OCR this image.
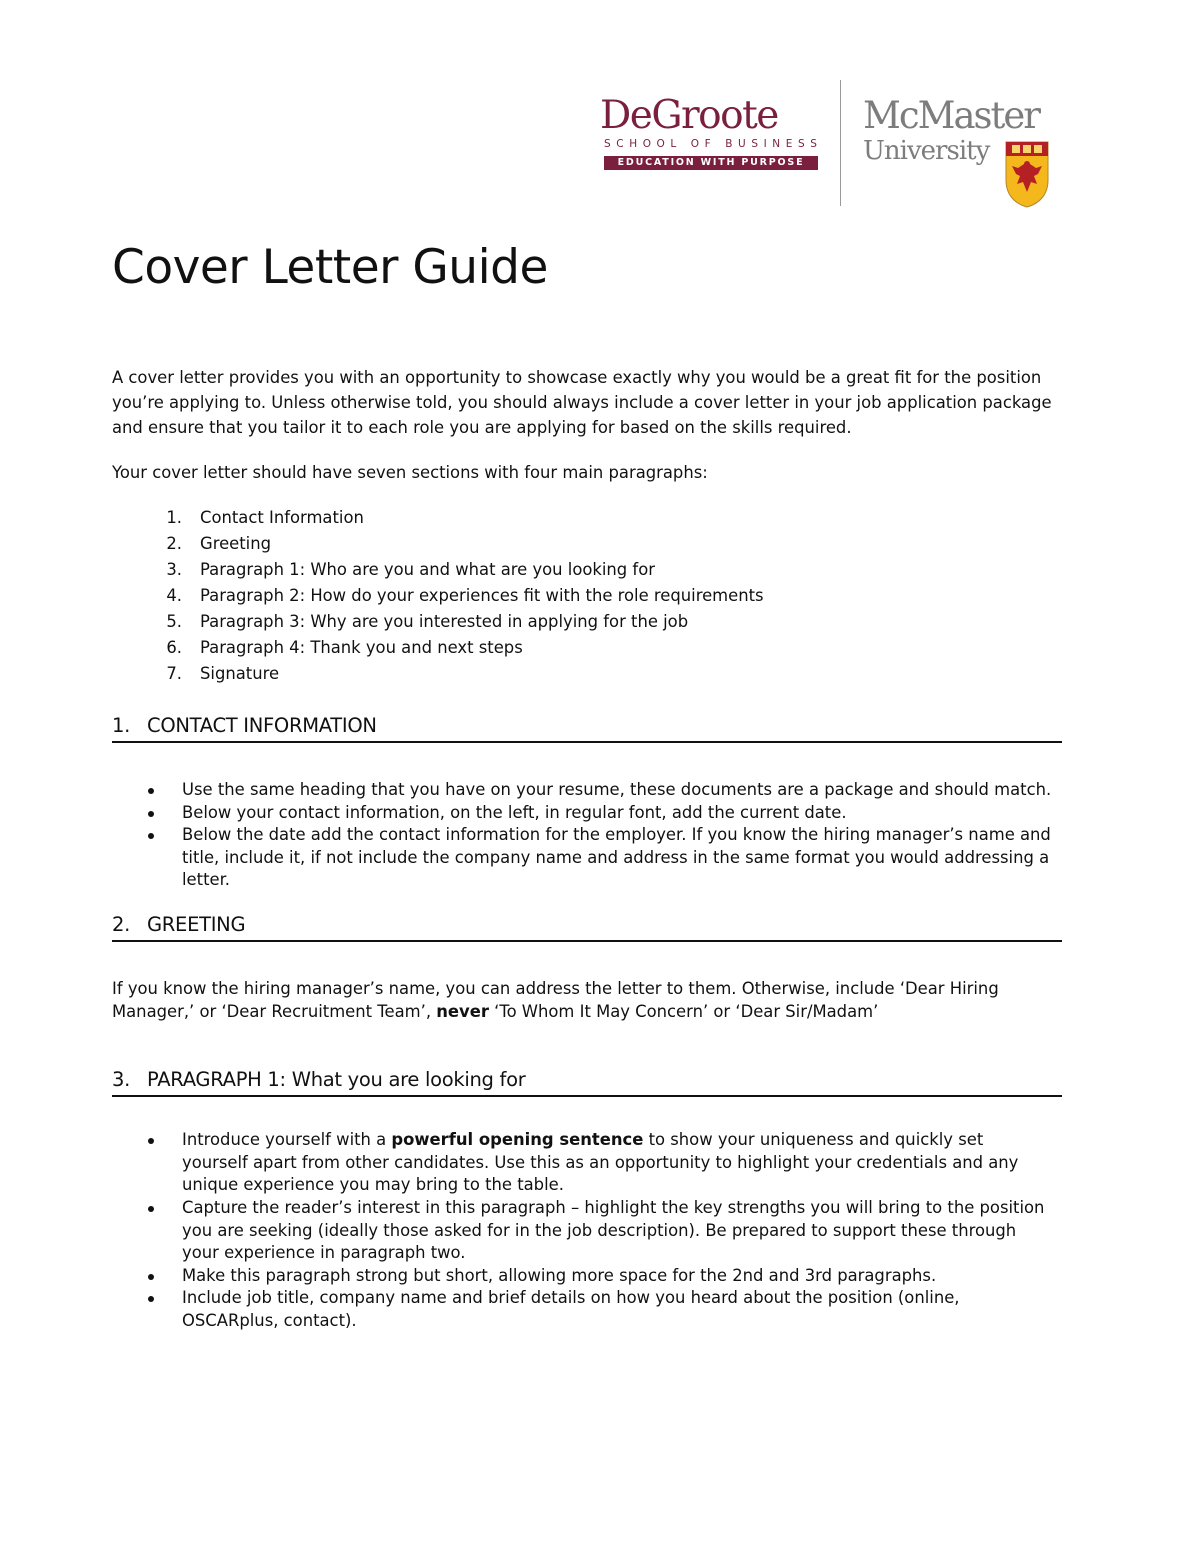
DeGroote
SCHOOL OF BUSINESS
EDUCATION WITH PURPOSE
McMaster
University
Cover Letter Guide

A cover letter provides you with an opportunity to showcase exactly why you would be a great fit for the position you’re applying to. Unless otherwise told, you should always include a cover letter in your job application package and ensure that you tailor it to each role you are applying for based on the skills required.

Your cover letter should have seven sections with four main paragraphs:

1.	Contact Information
2.	Greeting
3.	Paragraph 1: Who are you and what are you looking for
4.	Paragraph 2: How do your experiences fit with the role requirements
5.	Paragraph 3: Why are you interested in applying for the job
6.	Paragraph 4: Thank you and next steps
7.	Signature
1. CONTACT INFORMATION
Use the same heading that you have on your resume, these documents are a package and should match.
Below your contact information, on the left, in regular font, add the current date.
Below the date add the contact information for the employer. If you know the hiring manager’s name and title, include it, if not include the company name and address in the same format you would addressing a letter.
2. GREETING

If you know the hiring manager’s name, you can address the letter to them. Otherwise, include ‘Dear Hiring Manager,’ or ‘Dear Recruitment Team’, never ‘To Whom It May Concern’ or ‘Dear Sir/Madam’

3. PARAGRAPH 1: What you are looking for
Introduce yourself with a powerful opening sentence to show your uniqueness and quickly set yourself apart from other candidates. Use this as an opportunity to highlight your credentials and any unique experience you may bring to the table.
Capture the reader’s interest in this paragraph – highlight the key strengths you will bring to the position you are seeking (ideally those asked for in the job description). Be prepared to support these through your experience in paragraph two.
Make this paragraph strong but short, allowing more space for the 2nd and 3rd paragraphs.
Include job title, company name and brief details on how you heard about the position (online, OSCARplus, contact).
